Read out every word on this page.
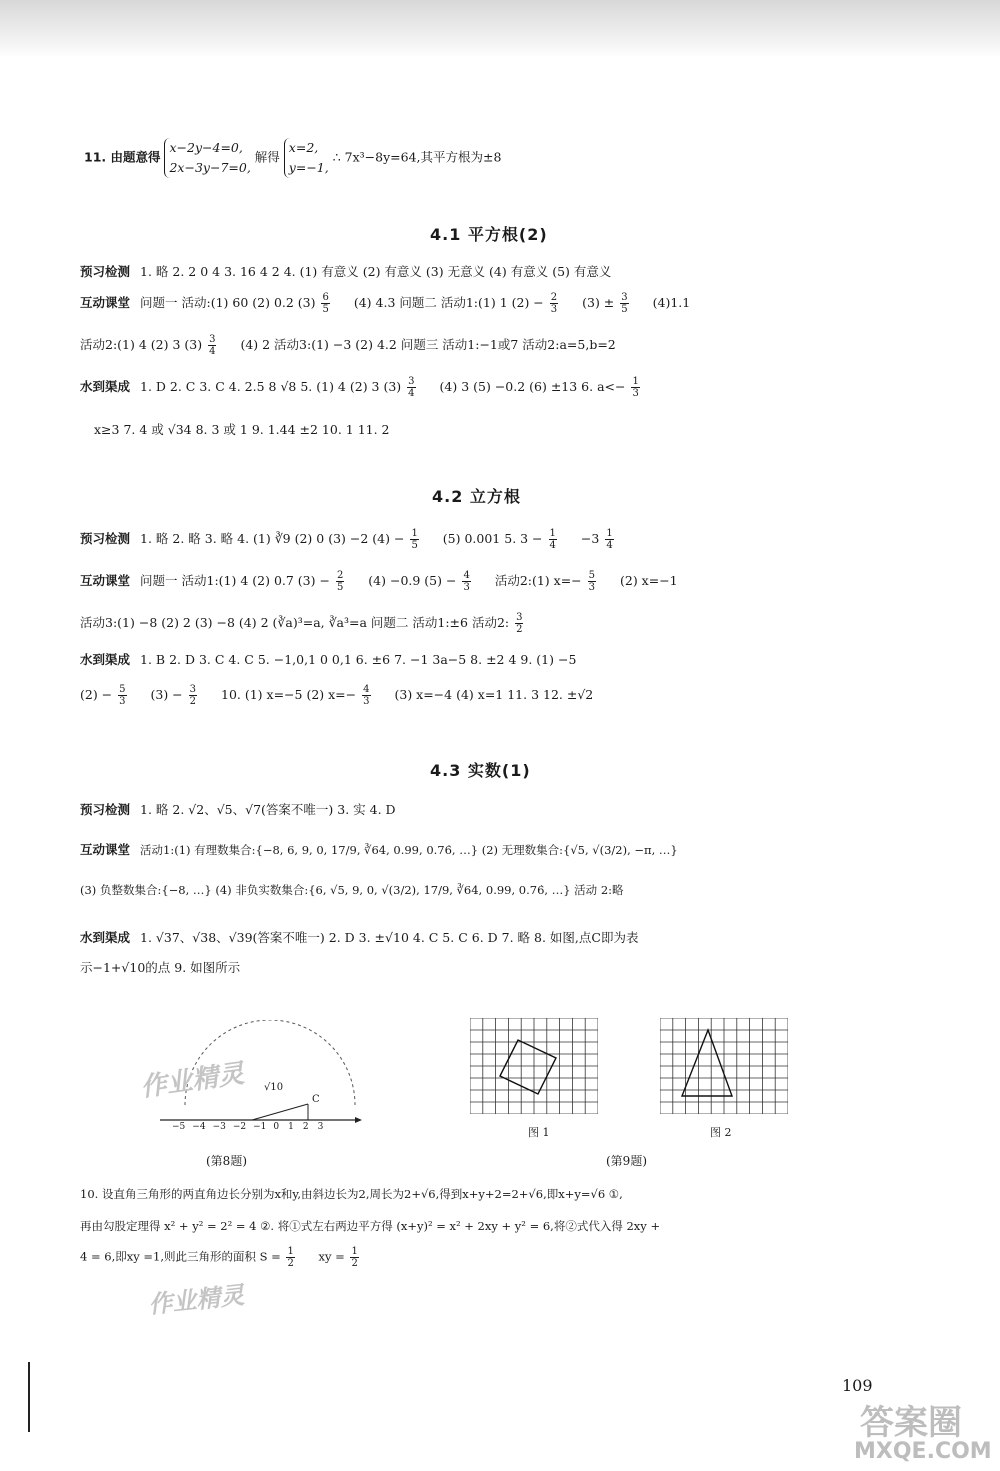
11. 由题意得 x−2y−4=0,
2x−3y−7=0, 解得 x=2,
y=−1, ∴ 7x³−8y=64,其平方根为±8
4.1 平方根(2)
预习检测 1. 略 2. 2 0 4 3. 16 4 2 4. (1) 有意义 (2) 有意义 (3) 无意义 (4) 有意义 (5) 有意义
互动课堂 问题一 活动:(1) 60 (2) 0.2 $(3) \frac{6}{5} (4)$ 4.3 问题二 活动1:(1) 1 $(2) - \frac{2}{3} (3) \pm \frac{3}{5} (4)1.1$
活动2:(1) 4 (2) 3 $(3) \frac{3}{4} (4)$ 2 活动3:(1) −3 (2) 4.2 问题三 活动1:−1或7 活动2:a=5,b=2
水到渠成 1. D 2. C 3. C 4. 2.5 8 √8 5. (1) 4 (2) 3 $(3) \frac{3}{4} (4)$ 3 (5) −0.2 (6) ±13 6. $a<- \frac{1}{3}$
x≥3 7. 4 或 √34 8. 3 或 1 9. 1.44 ±2 10. 1 11. 2
4.2 立方根
预习检测 1. 略 2. 略 3. 略 4. (1) ∛9 (2) 0 (3) −2 $(4) - \frac{1}{5} (5)$ 0.001 5. $3 - \frac{1}{4} -3 \frac{1}{4}$
互动课堂 问题一 活动1:(1) 4 (2) 0.7 $(3) - \frac{2}{5} (4) -0.9$ $(5) - \frac{4}{3}$ 活动2:(1) $x=- \frac{5}{3} (2)$ x=−1
活动3:(1) −8 (2) 2 (3) −8 (4) 2 (∛a)³=a, ∛a³=a 问题二 活动1:±6 活动2: $\frac{3}{2}$
水到渠成 1. B 2. D 3. C 4. C 5. −1,0,1 0 0,1 6. ±6 7. −1 3a−5 8. ±2 4 9. (1) −5
$(2) - \frac{5}{3} (3) - \frac{3}{2} 10$. (1) x=−5 (2) $x=- \frac{4}{3} (3)$ x=−4 (4) x=1 11. 3 12. ±√2
4.3 实数(1)
预习检测 1. 略 2. √2、√5、√7(答案不唯一) 3. 实 4. D
互动课堂 活动1:(1) 有理数集合:{−8, 6, 9, 0, 17/9, ∛64, 0.99, 0.76̇, …} (2) 无理数集合:{√5, √(3/2), −π, …}
(3) 负整数集合:{−8, …} (4) 非负实数集合:{6, √5, 9, 0, √(3/2), 17/9, ∛64, 0.99, 0.76̇, …} 活动 2:略
水到渠成 1. √37、√38、√39(答案不唯一) 2. D 3. ±√10 4. C 5. C 6. D 7. 略 8. 如图,点C即为表
示−1+√10的点 9. 如图所示
√10
C
−5 −4 −3 −2 −1 0 1 2 3
(第8题)
图 1	图 2
(第9题)
10. 设直角三角形的两直角边长分别为x和y,由斜边长为2,周长为2+√6,得到x+y+2=2+√6,即x+y=√6 ①,
再由勾股定理得 x² + y² = 2² = 4 ②. 将①式左右两边平方得 (x+y)² = x² + 2xy + y² = 6,将②式代入得 2xy +
4 = 6,即xy =1,则此三角形的面积 $S = \frac{1}{2}$ xy = $\frac{1}{2}$
作业精灵
作业精灵
109
答案圈
MXQE.COM
